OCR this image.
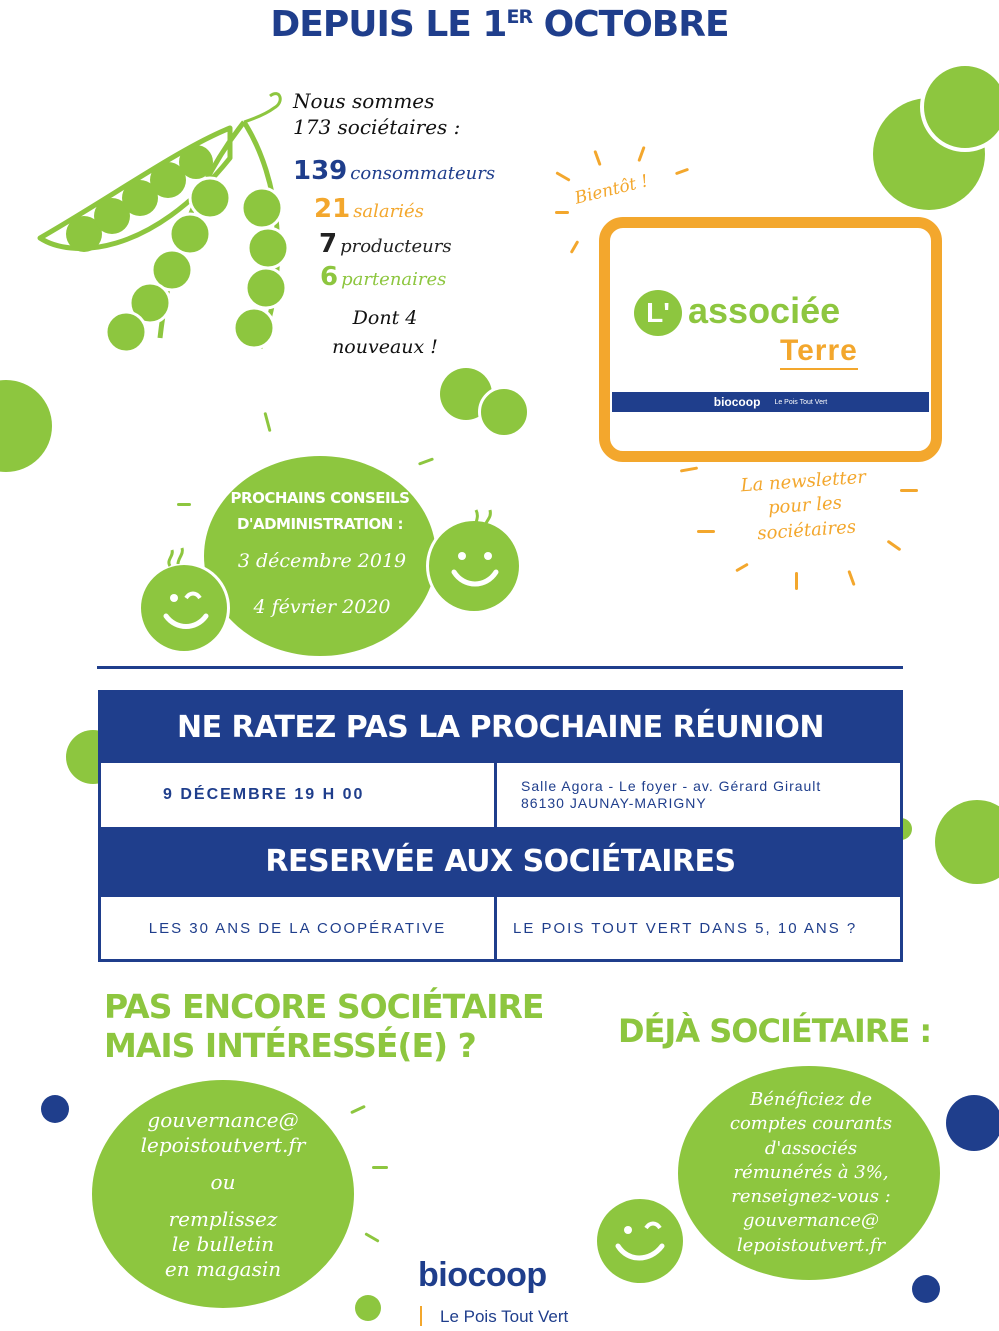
DEPUIS LE 1ER OCTOBRE
Nous sommes
173 sociétaires :
139 consommateurs
21 salariés
7 producteurs
6 partenaires
Dont 4
nouveaux !
Bientôt !
L' associée
Terre
biocoop Le Pois Tout Vert
La newsletter
pour les
sociétaires
PROCHAINS CONSEILS
D'ADMINISTRATION :
3 décembre 2019
4 février 2020
NE RATEZ PAS LA PROCHAINE RÉUNION
9 DÉCEMBRE 19 H 00	Salle Agora - Le foyer - av. Gérard Girault
86130 JAUNAY-MARIGNY
RESERVÉE AUX SOCIÉTAIRES
LES 30 ANS DE LA COOPÉRATIVE	LE POIS TOUT VERT DANS 5, 10 ANS ?
PAS ENCORE SOCIÉTAIRE
MAIS INTÉRESSÉ(E) ?
gouvernance@
lepoistoutvert.fr
ou
remplissez
le bulletin
en magasin
DÉJÀ SOCIÉTAIRE :
Bénéficiez de
comptes courants
d'associés
rémunérés à 3%,
renseignez-vous :
gouvernance@
lepoistoutvert.fr
biocoop
Le Pois Tout Vert
